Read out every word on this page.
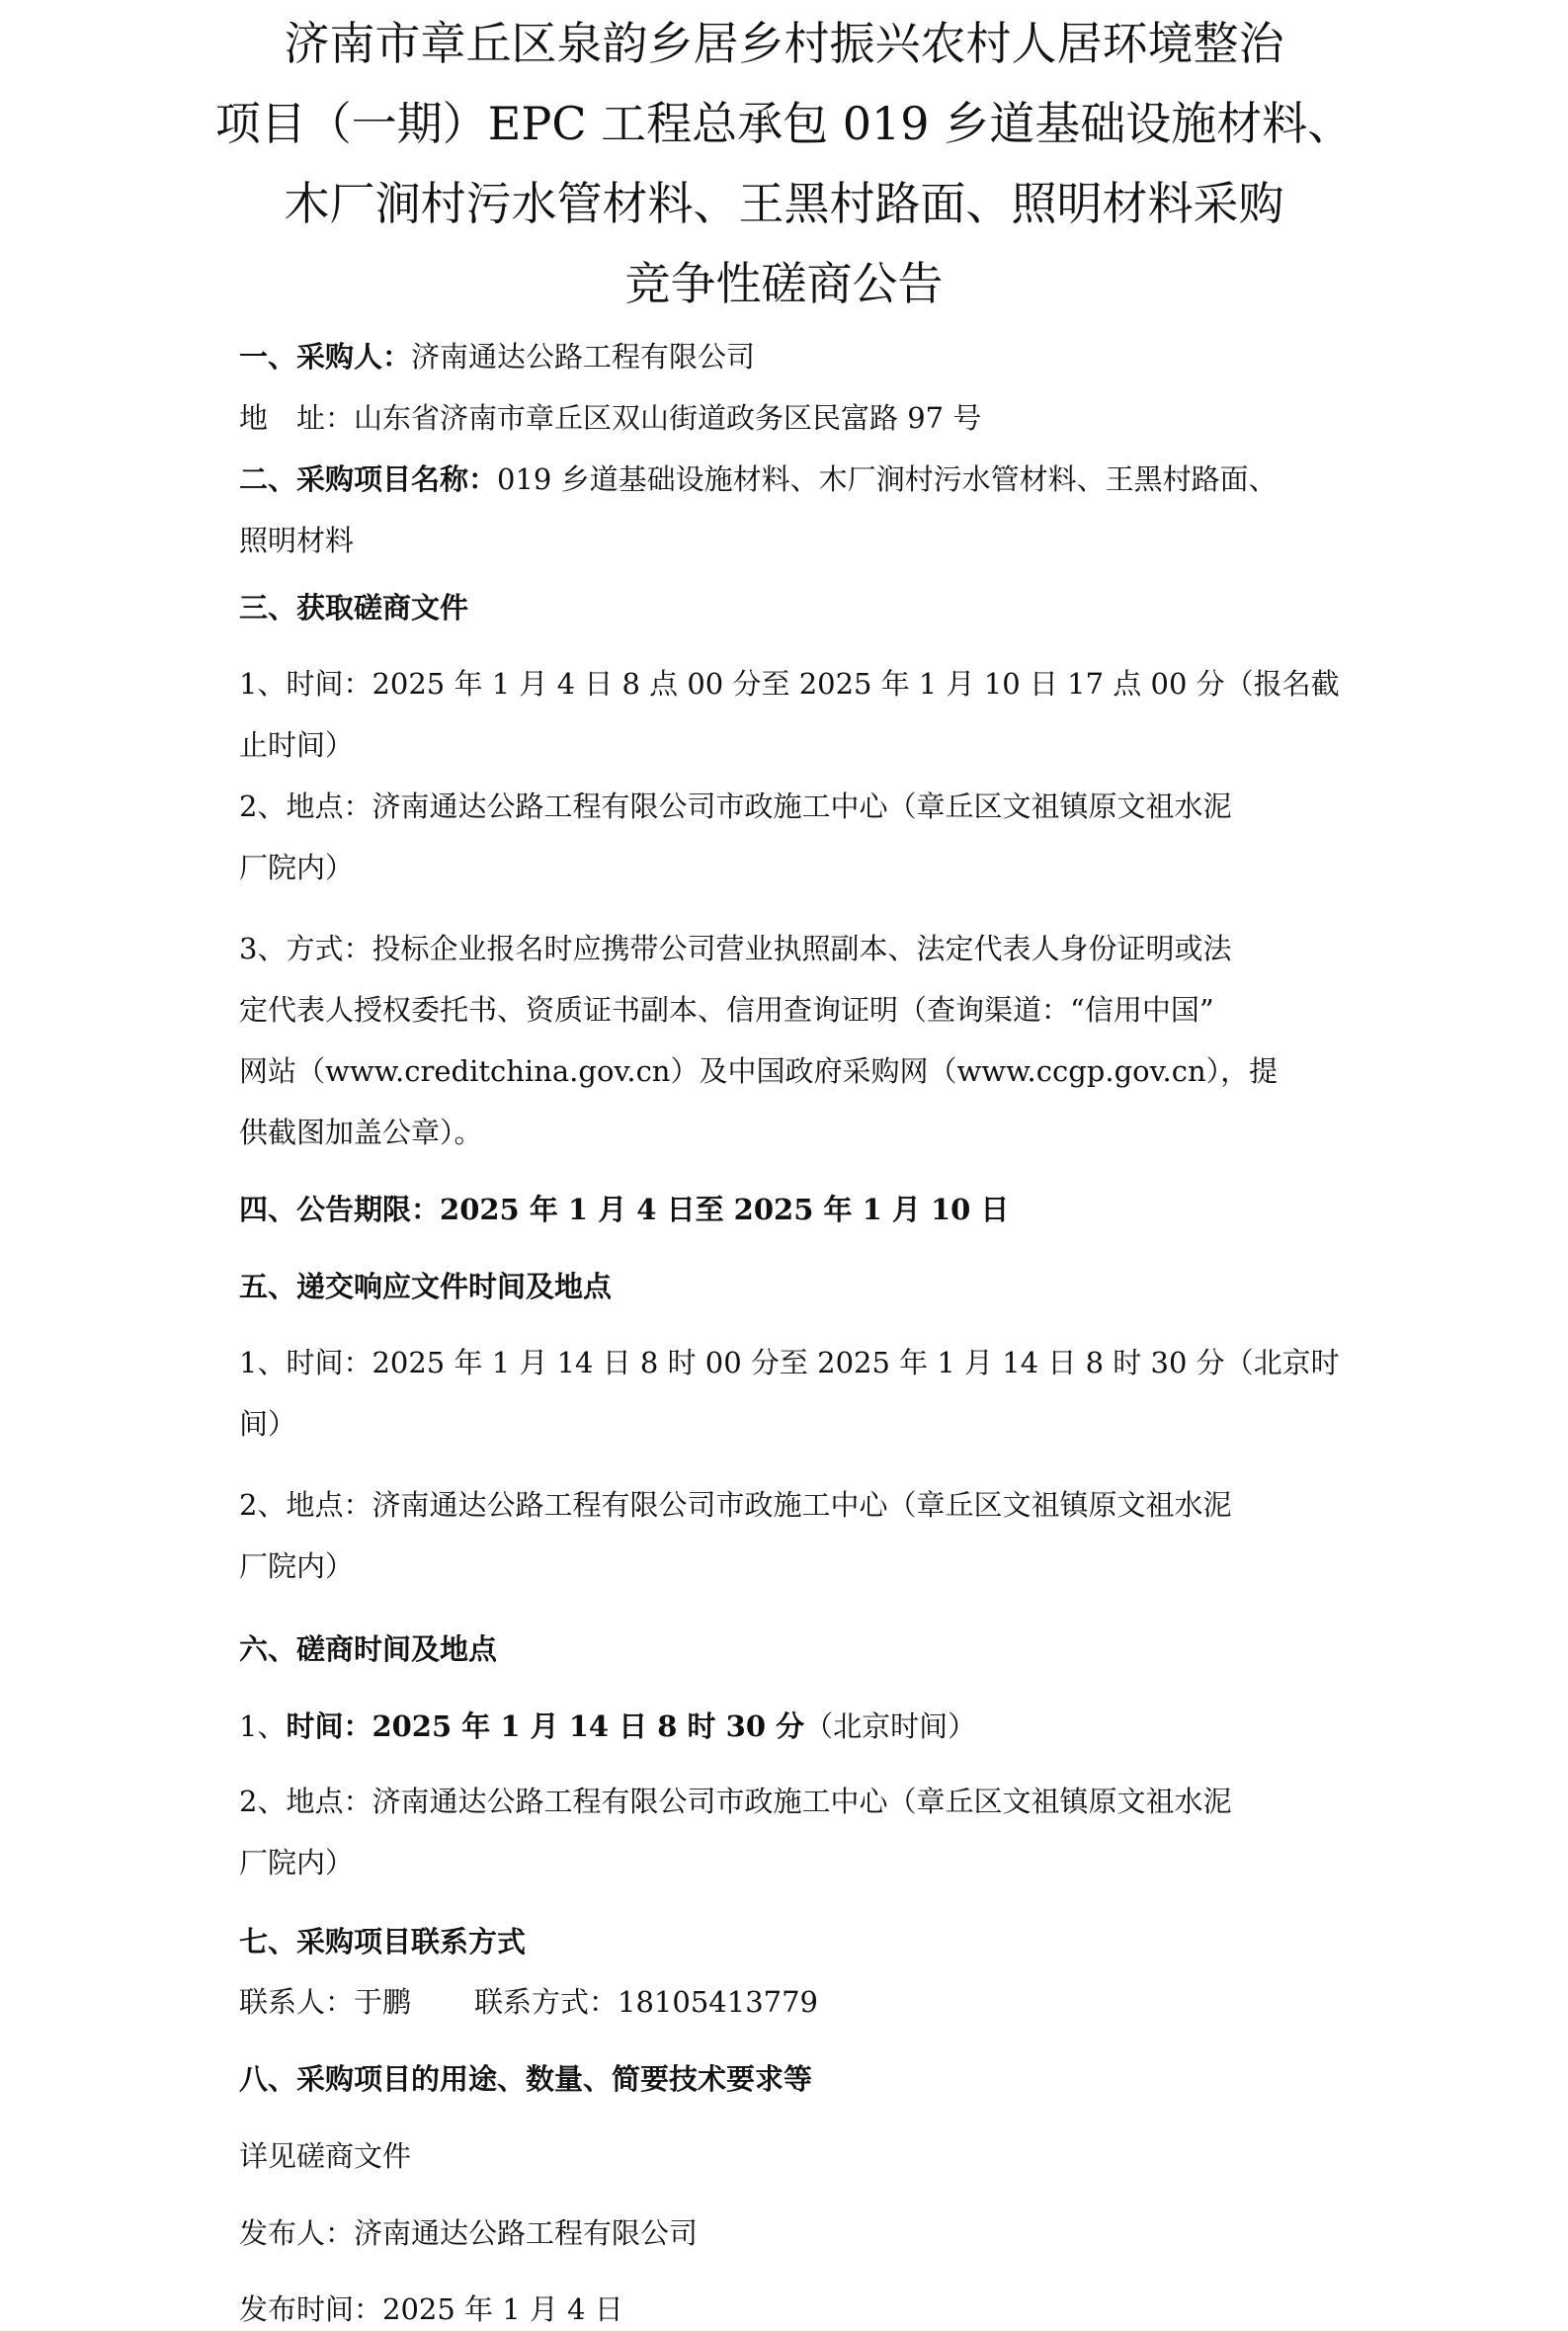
济南市章丘区泉韵乡居乡村振兴农村人居环境整治
项目（一期）EPC 工程总承包 019 乡道基础设施材料、
木厂涧村污水管材料、王黑村路面、照明材料采购
竞争性磋商公告
一、采购人：济南通达公路工程有限公司
地　址：山东省济南市章丘区双山街道政务区民富路 97 号
二、采购项目名称：019 乡道基础设施材料、木厂涧村污水管材料、王黑村路面、
照明材料
三、获取磋商文件
1、时间：2025 年 1 月 4 日 8 点 00 分至 2025 年 1 月 10 日 17 点 00 分（报名截
止时间）
2、地点：济南通达公路工程有限公司市政施工中心（章丘区文祖镇原文祖水泥
厂院内）
3、方式：投标企业报名时应携带公司营业执照副本、法定代表人身份证明或法
定代表人授权委托书、资质证书副本、信用查询证明（查询渠道：“信用中国”
网站（www.creditchina.gov.cn）及中国政府采购网（www.ccgp.gov.cn），提
供截图加盖公章）。
四、公告期限：2025 年 1 月 4 日至 2025 年 1 月 10 日
五、递交响应文件时间及地点
1、时间：2025 年 1 月 14 日 8 时 00 分至 2025 年 1 月 14 日 8 时 30 分（北京时
间）
2、地点：济南通达公路工程有限公司市政施工中心（章丘区文祖镇原文祖水泥
厂院内）
六、磋商时间及地点
1、时间：2025 年 1 月 14 日 8 时 30 分（北京时间）
2、地点：济南通达公路工程有限公司市政施工中心（章丘区文祖镇原文祖水泥
厂院内）
七、采购项目联系方式
联系人：于鹏 联系方式：18105413779
八、采购项目的用途、数量、简要技术要求等
详见磋商文件
发布人：济南通达公路工程有限公司
发布时间：2025 年 1 月 4 日
